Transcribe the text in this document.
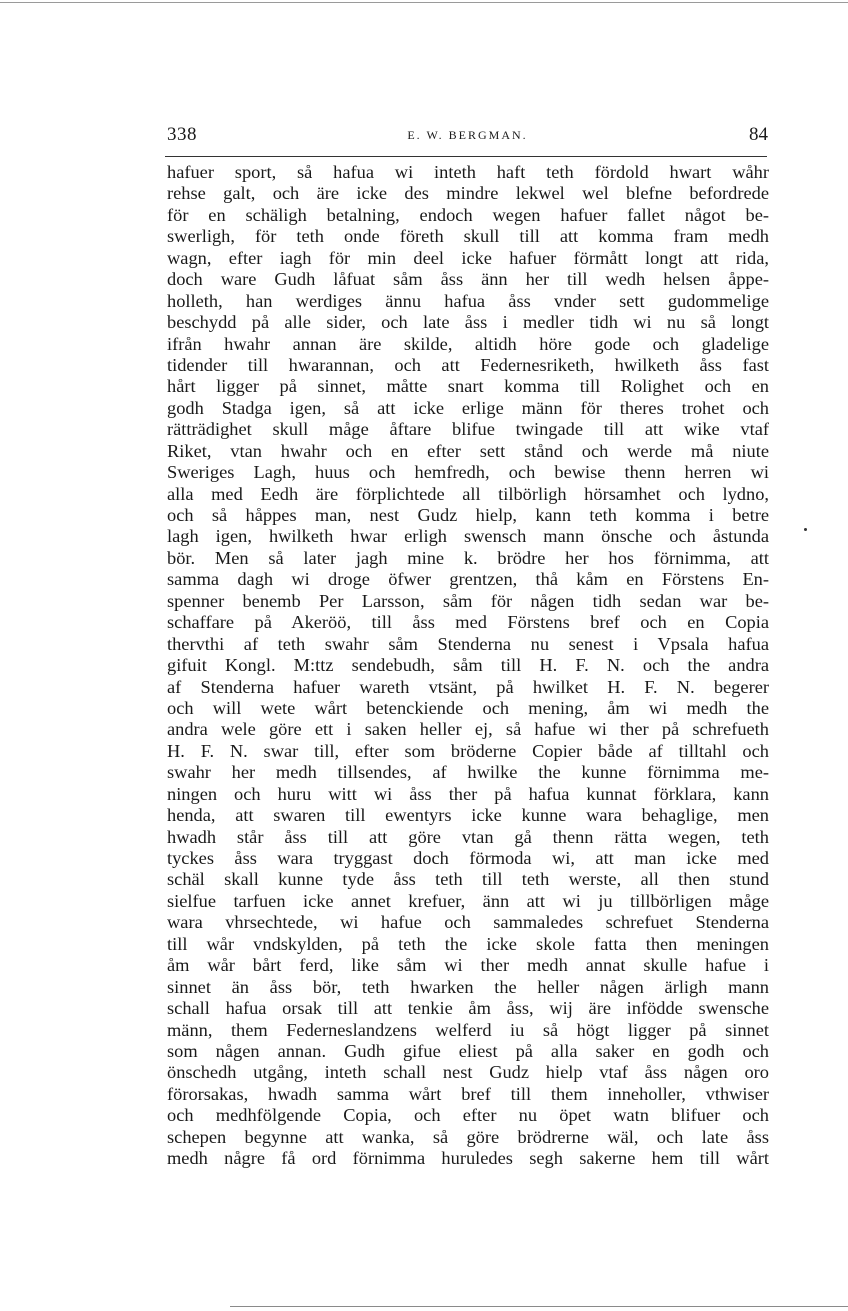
338	E. W. BERGMAN.	84
hafuer sport, så hafua wi inteth haft teth fördold hwart wåhr
rehse galt, och äre icke des mindre lekwel wel blefne befordrede
för en schäligh betalning, endoch wegen hafuer fallet något be-
swerligh, för teth onde företh skull till att komma fram medh
wagn, efter iagh för min deel icke hafuer förmått longt att rida,
doch ware Gudh låfuat såm åss änn her till wedh helsen åppe-
holleth, han werdiges ännu hafua åss vnder sett gudommelige
beschydd på alle sider, och late åss i medler tidh wi nu så longt
ifrån hwahr annan äre skilde, altidh höre gode och gladelige
tidender till hwarannan, och att Federnesriketh, hwilketh åss fast
hårt ligger på sinnet, måtte snart komma till Rolighet och en
godh Stadga igen, så att icke erlige männ för theres trohet och
rätträdighet skull måge åftare blifue twingade till att wike vtaf
Riket, vtan hwahr och en efter sett stånd och werde må niute
Sweriges Lagh, huus och hemfredh, och bewise thenn herren wi
alla med Eedh äre förplichtede all tilbörligh hörsamhet och lydno,
och så håppes man, nest Gudz hielp, kann teth komma i betre
lagh igen, hwilketh hwar erligh swensch mann önsche och åstunda
bör. Men så later jagh mine k. brödre her hos förnimma, att
samma dagh wi droge öfwer grentzen, thå kåm en Förstens En-
spenner benemb Per Larsson, såm för någen tidh sedan war be-
schaffare på Akeröö, till åss med Förstens bref och en Copia
thervthi af teth swahr såm Stenderna nu senest i Vpsala hafua
gifuit Kongl. M:ttz sendebudh, såm till H. F. N. och the andra
af Stenderna hafuer wareth vtsänt, på hwilket H. F. N. begerer
och will wete wårt betenckiende och mening, åm wi medh the
andra wele göre ett i saken heller ej, så hafue wi ther på schrefueth
H. F. N. swar till, efter som bröderne Copier både af tilltahl och
swahr her medh tillsendes, af hwilke the kunne förnimma me-
ningen och huru witt wi åss ther på hafua kunnat förklara, kann
henda, att swaren till ewentyrs icke kunne wara behaglige, men
hwadh står åss till att göre vtan gå thenn rätta wegen, teth
tyckes åss wara tryggast doch förmoda wi, att man icke med
schäl skall kunne tyde åss teth till teth werste, all then stund
sielfue tarfuen icke annet krefuer, änn att wi ju tillbörligen måge
wara vhrsechtede, wi hafue och sammaledes schrefuet Stenderna
till wår vndskylden, på teth the icke skole fatta then meningen
åm wår bårt ferd, like såm wi ther medh annat skulle hafue i
sinnet än åss bör, teth hwarken the heller någen ärligh mann
schall hafua orsak till att tenkie åm åss, wij äre infödde swensche
männ, them Federneslandzens welferd iu så högt ligger på sinnet
som någen annan. Gudh gifue eliest på alla saker en godh och
önschedh utgång, inteth schall nest Gudz hielp vtaf åss någen oro
förorsakas, hwadh samma wårt bref till them inneholler, vthwiser
och medhfölgende Copia, och efter nu öpet watn blifuer och
schepen begynne att wanka, så göre brödrerne wäl, och late åss
medh någre få ord förnimma huruledes segh sakerne hem till wårt
